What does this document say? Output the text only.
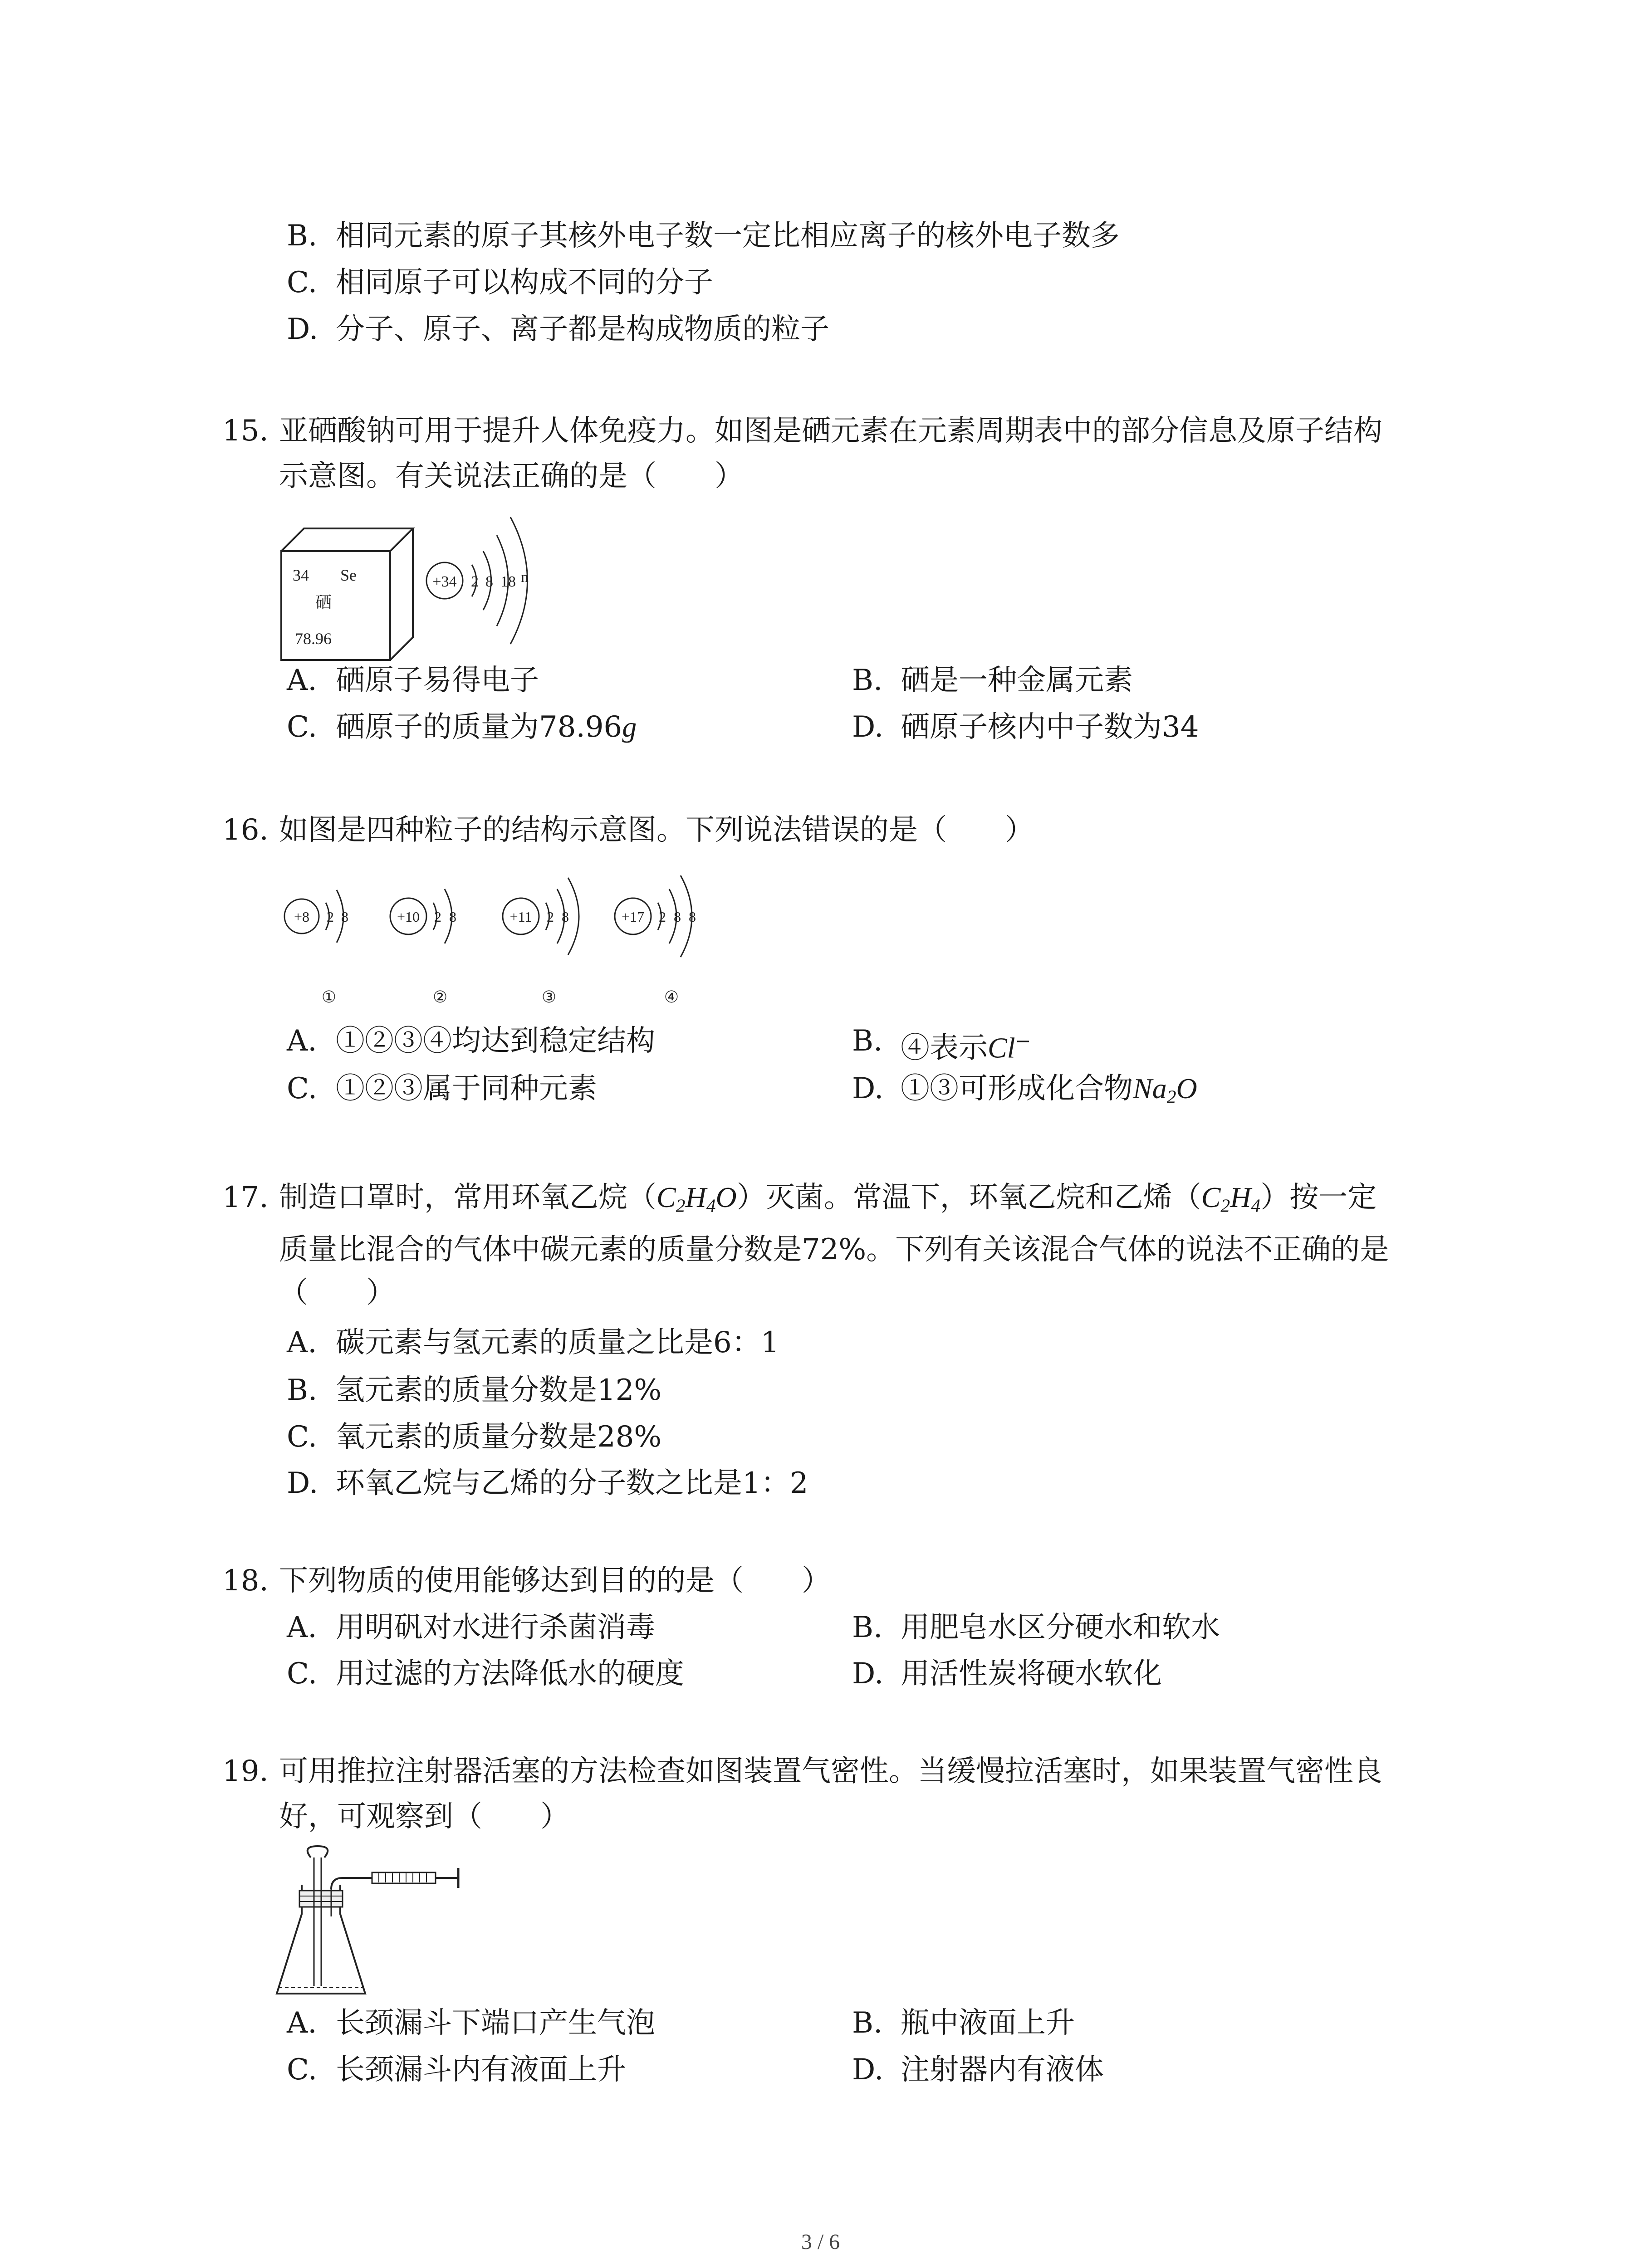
B. 相同元素的原子其核外电子数一定比相应离子的核外电子数多
C. 相同原子可以构成不同的分子
D. 分子、原子、离子都是构成物质的粒子
15. 亚硒酸钠可用于提升人体免疫力。如图是硒元素在元素周期表中的部分信息及原子结构
示意图。有关说法正确的是（　　）
34 Se
硒
78.96
+34 2 8 18 n
A. 硒原子易得电子	B. 硒是一种金属元素
C. 硒原子的质量为78.96g	D. 硒原子核内中子数为34
16. 如图是四种粒子的结构示意图。下列说法错误的是（　　）
+8 2 8
①
+10 2 8
②
+11 2 8
③
+17 2 8 8
④
A. ①②③④均达到稳定结构	B. ④表示Cl−
C. ①②③属于同种元素	D. ①③可形成化合物$Na_2O$
17. 制造口罩时，常用环氧乙烷$(C_2H_4O)$灭菌。常温下，环氧乙烷和乙烯$(C_2H_4)$按一定
质量比混合的气体中碳元素的质量分数是72%。下列有关该混合气体的说法不正确的是
（　　）
A. 碳元素与氢元素的质量之比是6：1
B. 氢元素的质量分数是12%
C. 氧元素的质量分数是28%
D. 环氧乙烷与乙烯的分子数之比是1：2
18. 下列物质的使用能够达到目的的是（　　）
A. 用明矾对水进行杀菌消毒	B. 用肥皂水区分硬水和软水
C. 用过滤的方法降低水的硬度	D. 用活性炭将硬水软化
19. 可用推拉注射器活塞的方法检查如图装置气密性。当缓慢拉活塞时，如果装置气密性良
好，可观察到（　　）
A. 长颈漏斗下端口产生气泡	B. 瓶中液面上升
C. 长颈漏斗内有液面上升	D. 注射器内有液体
3 / 6
